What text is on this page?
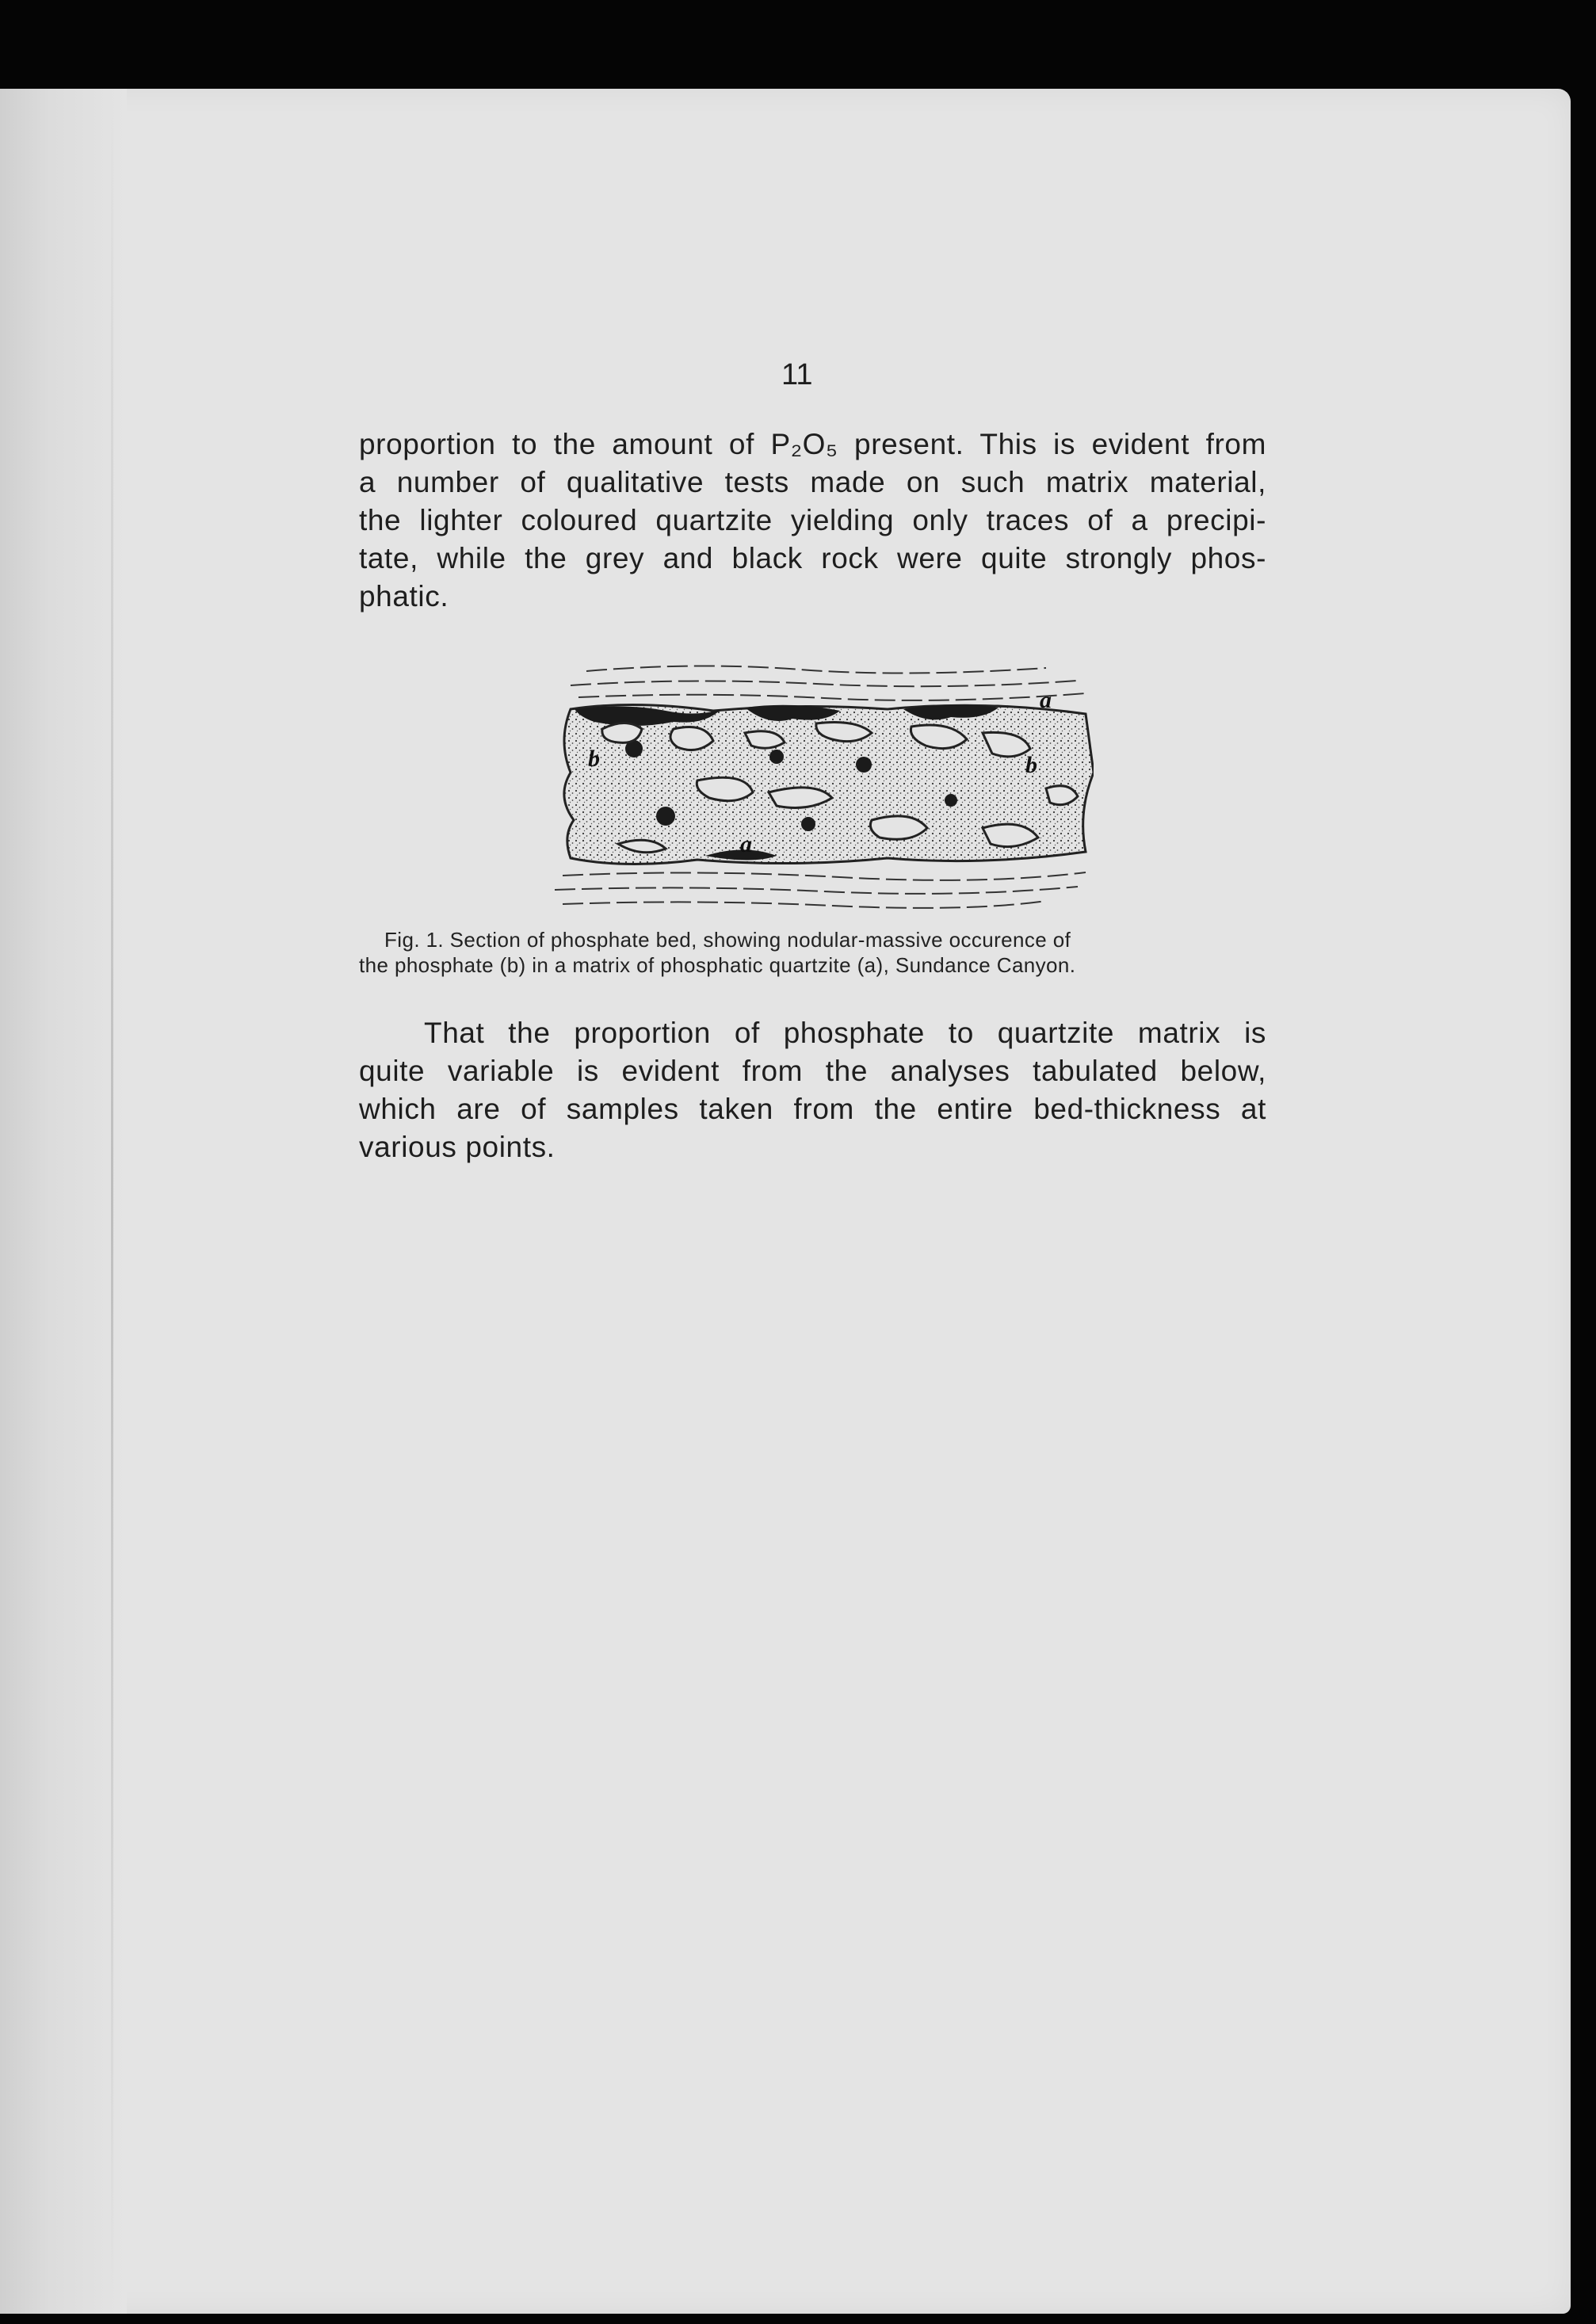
11
proportion to the amount of P₂O₅ present. This is evident from
a number of qualitative tests made on such matrix material,
the lighter coloured quartzite yielding only traces of a precipi-
tate, while the grey and black rock were quite strongly phos-
phatic.
a
a
b	b
Fig. 1. Section of phosphate bed, showing nodular-massive occurence of
the phosphate (b) in a matrix of phosphatic quartzite (a), Sundance Canyon.
That the proportion of phosphate to quartzite matrix is
quite variable is evident from the analyses tabulated below,
which are of samples taken from the entire bed-thickness at
various points.
